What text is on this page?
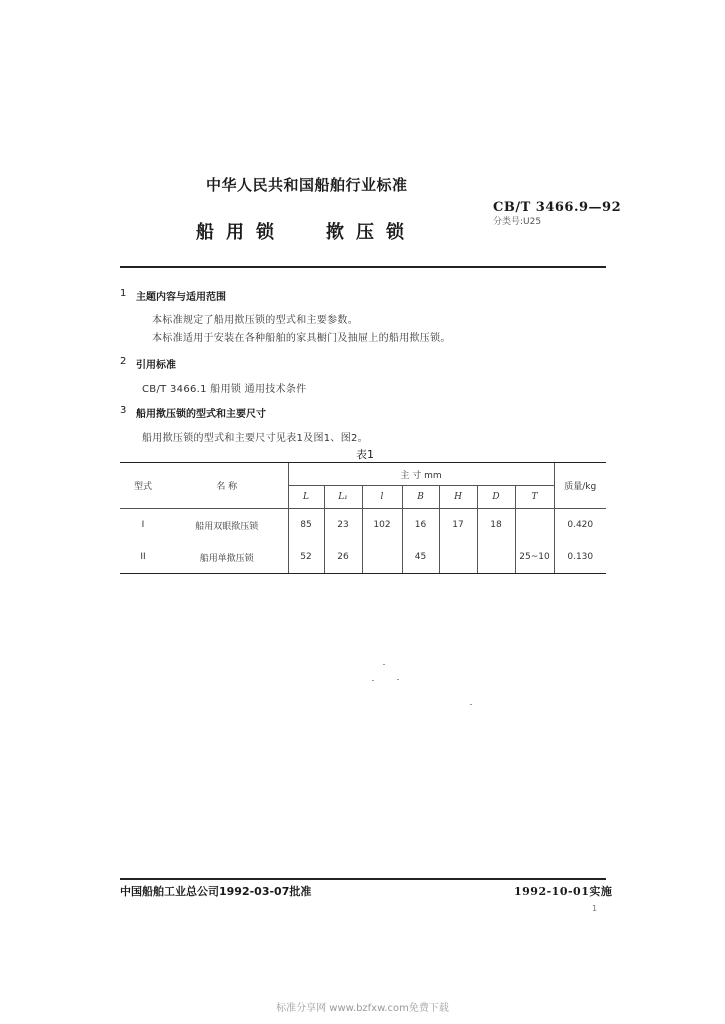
中华人民共和国船舶行业标准
船用锁 揿压锁
CB/T 3466.9—92
分类号:U25
1 主题内容与适用范围
本标准规定了船用揿压锁的型式和主要参数。
本标准适用于安装在各种船舶的家具橱门及抽屉上的船用揿压锁。
2 引用标准
CB/T 3466.1 船用锁 通用技术条件
3 船用揿压锁的型式和主要尺寸
船用揿压锁的型式和主要尺寸见表1及图1、图2。
表1
型式	名 称	主 寸 mm							质量/kg
		L	L₁	l	B	H	D	T	
I	船用双眼揿压锁	85	23	102	16	17	18		0.420
II	船用单揿压锁	52	26		45			25~10	0.130
中国船舶工业总公司1992-03-07批准	1992-10-01实施
1
标准分享网 www.bzfxw.com免费下载
